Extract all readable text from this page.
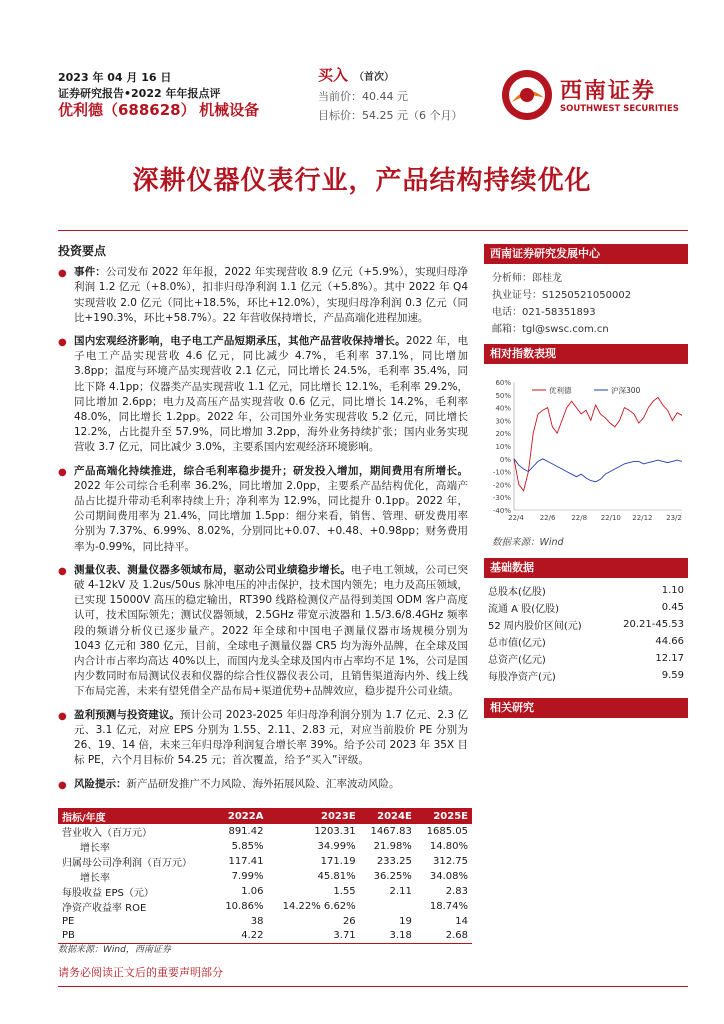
2023 年 04 月 16 日
证券研究报告•2022 年年报点评
优利德（688628） 机械设备
买入 （首次）
当前价：40.44 元
目标价：54.25 元（6 个月）
西南证券
SOUTHWEST SECURITIES
深耕仪器仪表行业，产品结构持续优化
投资要点
● 事件：公司发布 2022 年年报，2022 年实现营收 8.9 亿元（+5.9%），实现归母净利润 1.2 亿元（+8.0%），扣非归母净利润 1.1 亿元（+5.8%）。其中 2022 年 Q4 实现营收 2.0 亿元（同比+18.5%，环比+12.0%），实现归母净利润 0.3 亿元（同比+190.3%，环比+58.7%）。22 年营收保持增长，产品高端化进程加速。
● 国内宏观经济影响，电子电工产品短期承压，其他产品营收保持增长。2022 年，电子电工产品实现营收 4.6 亿元，同比减少 4.7%，毛利率 37.1%，同比增加 3.8pp；温度与环境产品实现营收 2.1 亿元，同比增长 24.5%，毛利率 35.4%，同比下降 4.1pp；仪器类产品实现营收 1.1 亿元，同比增长 12.1%，毛利率 29.2%，同比增加 2.6pp；电力及高压产品实现营收 0.6 亿元，同比增长 14.2%，毛利率 48.0%，同比增长 1.2pp。2022 年，公司国外业务实现营收 5.2 亿元，同比增长 12.2%，占比提升至 57.9%，同比增加 3.2pp，海外业务持续扩张；国内业务实现营收 3.7 亿元，同比减少 3.0%，主要系国内宏观经济环境影响。
● 产品高端化持续推进，综合毛利率稳步提升；研发投入增加，期间费用有所增长。2022 年公司综合毛利率 36.2%，同比增加 2.0pp，主要系产品结构优化，高端产品占比提升带动毛利率持续上升；净利率为 12.9%，同比提升 0.1pp。2022 年，公司期间费用率为 21.4%，同比增加 1.5pp：细分来看，销售、管理、研发费用率分别为 7.37%、6.99%、8.02%，分别同比+0.07、+0.48、+0.98pp；财务费用率为-0.99%，同比持平。
● 测量仪表、测量仪器多领域布局，驱动公司业绩稳步增长。电子电工领域，公司已突破 4-12kV 及 1.2us/50us 脉冲电压的冲击保护，技术国内领先；电力及高压领域，已实现 15000V 高压的稳定输出，RT390 线路检测仪产品得到美国 ODM 客户高度认可，技术国际领先；测试仪器领域，2.5GHz 带宽示波器和 1.5/3.6/8.4GHz 频率段的频谱分析仪已逐步量产。2022 年全球和中国电子测量仪器市场规模分别为 1043 亿元和 380 亿元，目前，全球电子测量仪器 CR5 均为海外品牌，在全球及国内合计市占率均高达 40%以上，而国内龙头全球及国内市占率均不足 1%，公司是国内少数同时布局测试仪表和仪器的综合性仪器仪表公司，且销售渠道海内外、线上线下布局完善，未来有望凭借全产品布局+渠道优势+品牌效应，稳步提升公司业绩。
● 盈利预测与投资建议。预计公司 2023-2025 年归母净利润分别为 1.7 亿元、2.3 亿元、3.1 亿元，对应 EPS 分别为 1.55、2.11、2.83 元，对应当前股价 PE 分别为 26、19、14 倍，未来三年归母净利润复合增长率 39%。给予公司 2023 年 35X 目标 PE，六个月目标价 54.25 元；首次覆盖，给予“买入”评级。
● 风险提示：新产品研发推广不力风险、海外拓展风险、汇率波动风险。
西南证券研究发展中心
分析师：郎桂龙
执业证号：S1250521050002
电话：021-58351893
邮箱：tgl@swsc.com.cn
相对指数表现
60%
50%
40%
30%
20%
10%
0%
-10%
-20%
-30%
-40%
22/4 22/6 22/8 22/10 22/12 23/2
优利德	沪深300
数据来源：Wind
基础数据
总股本(亿股)	1.10
流通 A 股(亿股)	0.45
52 周内股价区间(元)	20.21-45.53
总市值(亿元)	44.66
总资产(亿元)	12.17
每股净资产(元)	9.59
相关研究
指标/年度	2022A	2023E	2024E	2025E
营业收入（百万元）	891.42	1203.31	1467.83	1685.05
增长率	5.85%	34.99%	21.98%	14.80%
归属母公司净利润（百万元）	117.41	171.19	233.25	312.75
增长率	7.99%	45.81%	36.25%	34.08%
每股收益 EPS（元）	1.06	1.55	2.11	2.83
净资产收益率 ROE	10.86%	14.22% 6.62%		18.74%
PE	38	26	19	14
PB	4.22	3.71	3.18	2.68
数据来源：Wind，西南证券
请务必阅读正文后的重要声明部分
